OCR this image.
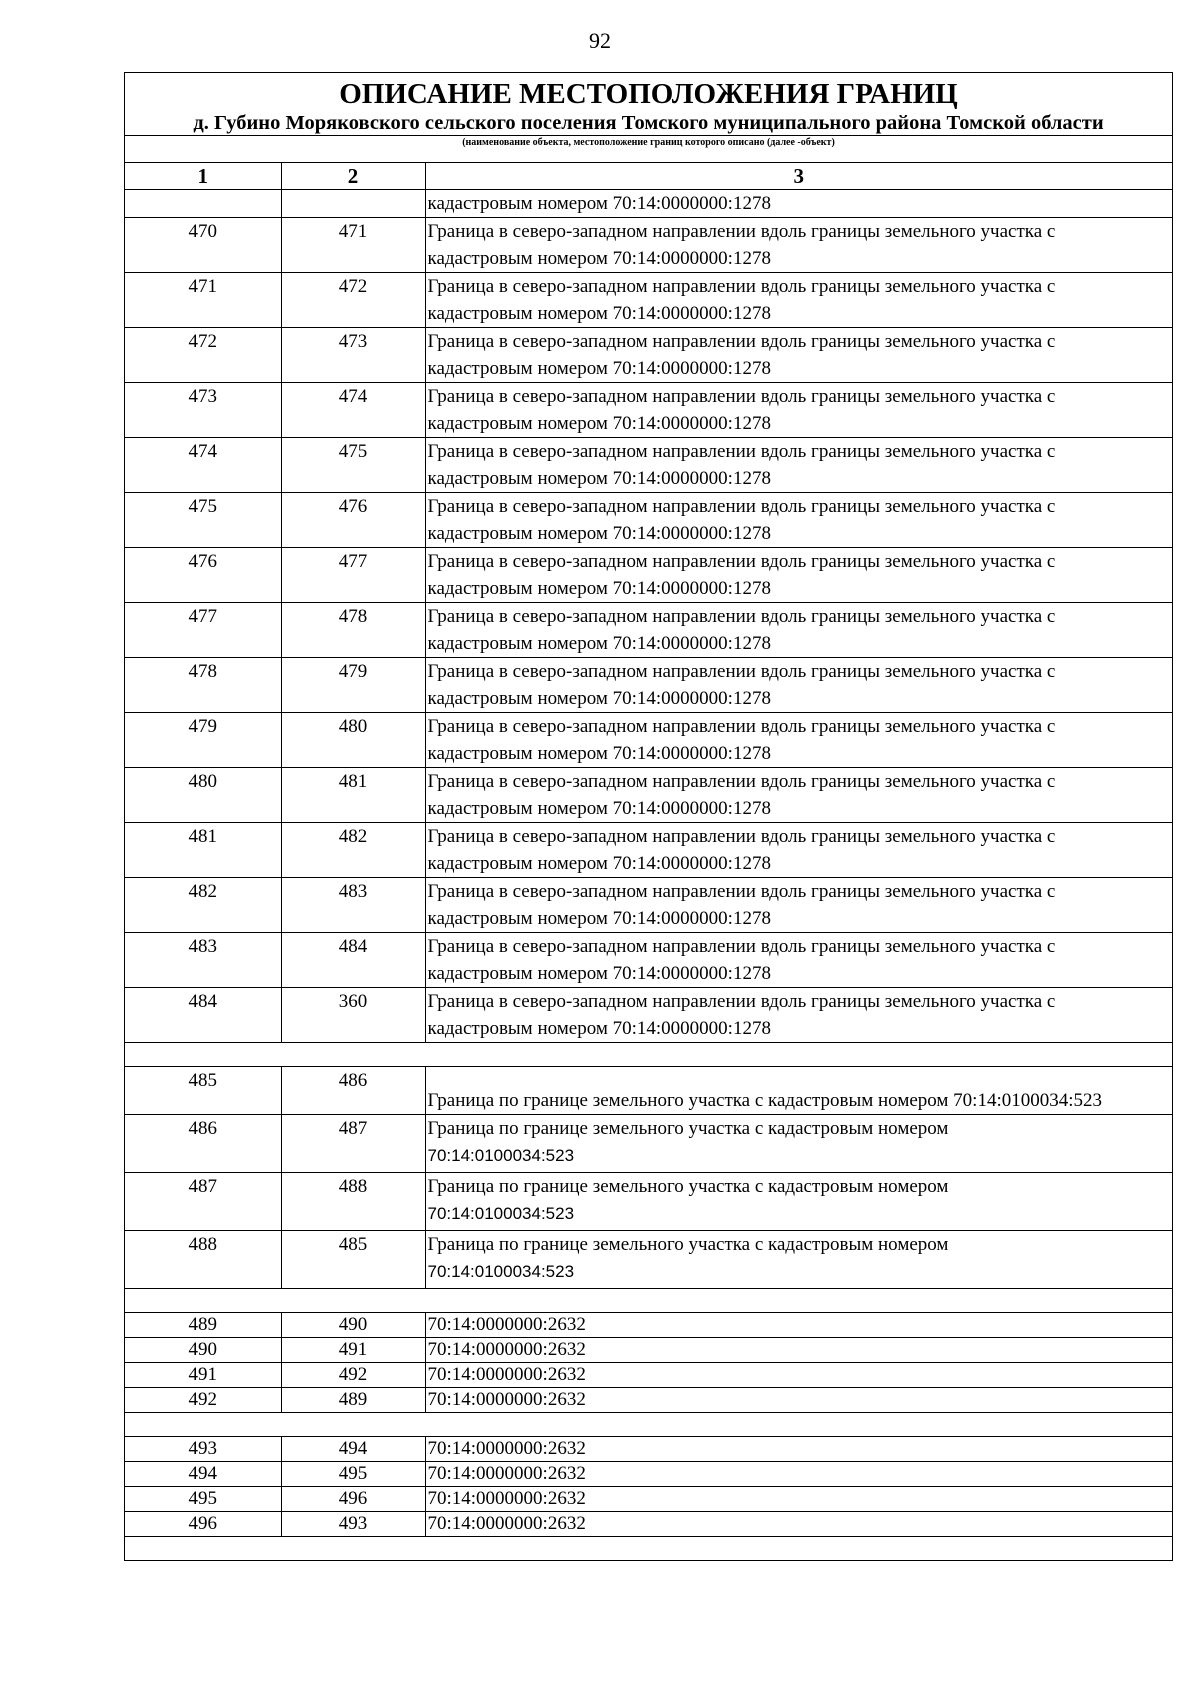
92
ОПИСАНИЕ МЕСТОПОЛОЖЕНИЯ ГРАНИЦ
д. Губино Моряковского сельского поселения Томского муниципального района Томской области
(наименование объекта, местоположение границ которого описано (далее -объект)
1	2	3
		кадастровым номером 70:14:0000000:1278
470	471	Граница в северо-западном направлении вдоль границы земельного участка с
кадастровым номером 70:14:0000000:1278

471	472	Граница в северо-западном направлении вдоль границы земельного участка с
кадастровым номером 70:14:0000000:1278

472	473	Граница в северо-западном направлении вдоль границы земельного участка с
кадастровым номером 70:14:0000000:1278

473	474	Граница в северо-западном направлении вдоль границы земельного участка с
кадастровым номером 70:14:0000000:1278

474	475	Граница в северо-западном направлении вдоль границы земельного участка с
кадастровым номером 70:14:0000000:1278

475	476	Граница в северо-западном направлении вдоль границы земельного участка с
кадастровым номером 70:14:0000000:1278

476	477	Граница в северо-западном направлении вдоль границы земельного участка с
кадастровым номером 70:14:0000000:1278

477	478	Граница в северо-западном направлении вдоль границы земельного участка с
кадастровым номером 70:14:0000000:1278

478	479	Граница в северо-западном направлении вдоль границы земельного участка с
кадастровым номером 70:14:0000000:1278

479	480	Граница в северо-западном направлении вдоль границы земельного участка с
кадастровым номером 70:14:0000000:1278

480	481	Граница в северо-западном направлении вдоль границы земельного участка с
кадастровым номером 70:14:0000000:1278

481	482	Граница в северо-западном направлении вдоль границы земельного участка с
кадастровым номером 70:14:0000000:1278

482	483	Граница в северо-западном направлении вдоль границы земельного участка с
кадастровым номером 70:14:0000000:1278

483	484	Граница в северо-западном направлении вдоль границы земельного участка с
кадастровым номером 70:14:0000000:1278

484	360	Граница в северо-западном направлении вдоль границы земельного участка с
кадастровым номером 70:14:0000000:1278

485	486	Граница по границе земельного участка с кадастровым номером 70:14:0100034:523

486	487	Граница по границе земельного участка с кадастровым номером
70:14:0100034:523

487	488	Граница по границе земельного участка с кадастровым номером
70:14:0100034:523

488	485	Граница по границе земельного участка с кадастровым номером
70:14:0100034:523

489	490	70:14:0000000:2632
490	491	70:14:0000000:2632
491	492	70:14:0000000:2632
492	489	70:14:0000000:2632

493	494	70:14:0000000:2632
494	495	70:14:0000000:2632
495	496	70:14:0000000:2632
496	493	70:14:0000000:2632
